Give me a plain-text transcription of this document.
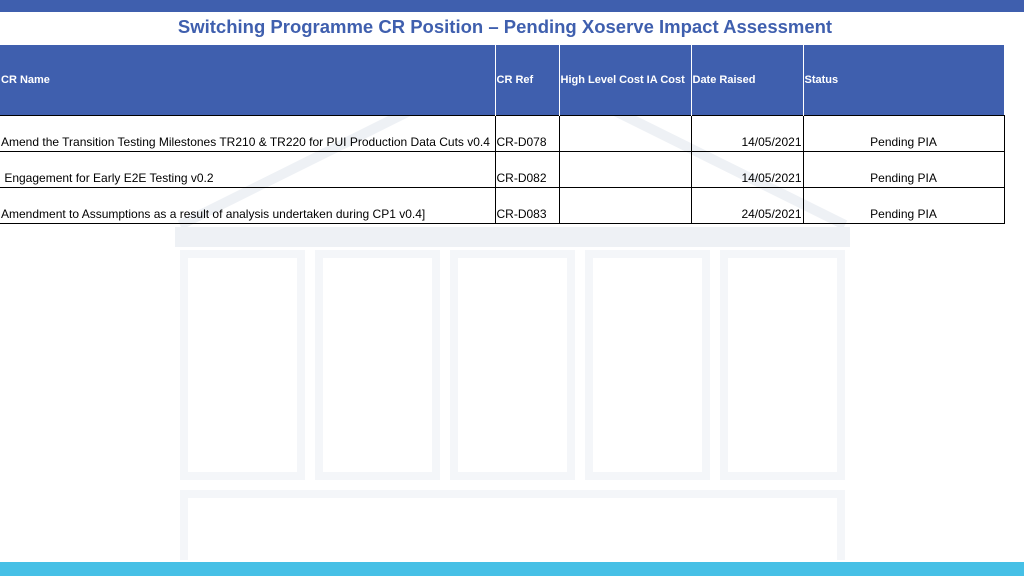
Switching Programme CR Position – Pending Xoserve Impact Assessment
CR Name	CR Ref	High Level Cost IA Cost	Date Raised	Status
Amend the Transition Testing Milestones TR210 & TR220 for PUI Production Data Cuts v0.4	CR-D078		14/05/2021	Pending PIA
Engagement for Early E2E Testing v0.2	CR-D082		14/05/2021	Pending PIA
Amendment to Assumptions as a result of analysis undertaken during CP1 v0.4]	CR-D083		24/05/2021	Pending PIA
